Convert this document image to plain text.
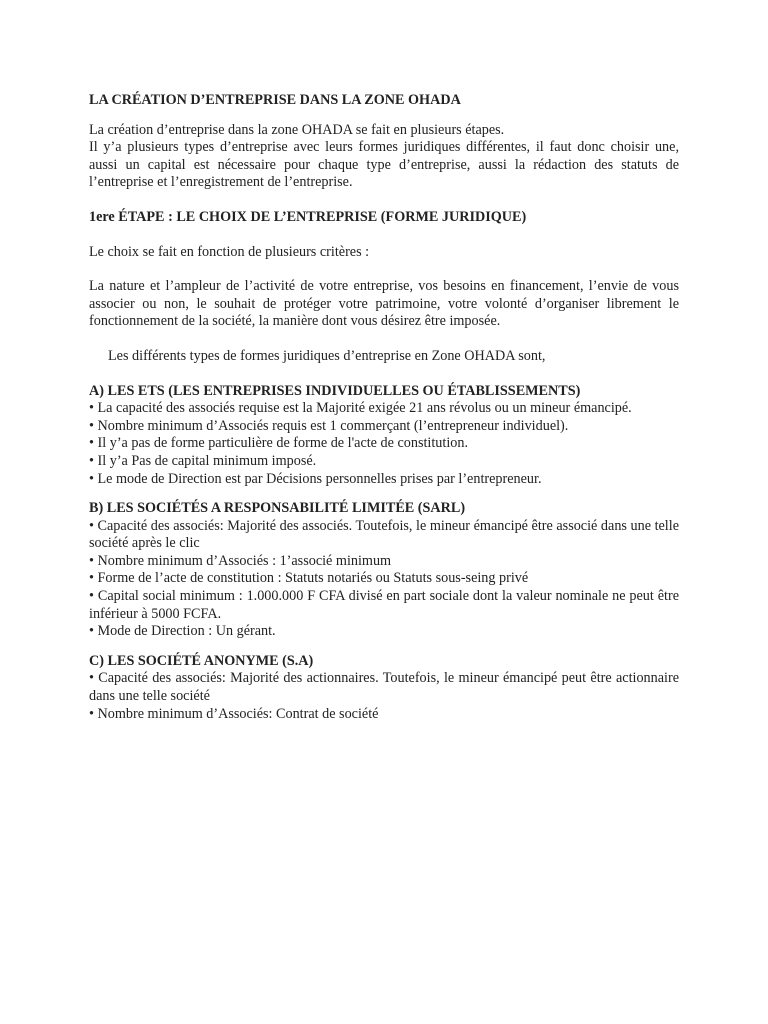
LA CRÉATION D’ENTREPRISE DANS LA ZONE OHADA

La création d’entreprise dans la zone OHADA se fait en plusieurs étapes.

Il y’a plusieurs types d’entreprise avec leurs formes juridiques différentes, il faut donc choisir une, aussi un capital est nécessaire pour chaque type d’entreprise, aussi la rédaction des statuts de l’entreprise et l’enregistrement de l’entreprise.

1ere ÉTAPE : LE CHOIX DE L’ENTREPRISE (FORME JURIDIQUE)

Le choix se fait en fonction de plusieurs critères :

La nature et l’ampleur de l’activité de votre entreprise, vos besoins en financement, l’envie de vous associer ou non, le souhait de protéger votre patrimoine, votre volonté d’organiser librement le fonctionnement de la société, la manière dont vous désirez être imposée.

Les différents types de formes juridiques d’entreprise en Zone OHADA sont,

A) LES ETS (LES ENTREPRISES INDIVIDUELLES OU ÉTABLISSEMENTS)

• La capacité des associés requise est la Majorité exigée 21 ans révolus ou un mineur émancipé.

• Nombre minimum d’Associés requis est 1 commerçant (l’entrepreneur individuel).

• Il y’a pas de forme particulière de forme de l'acte de constitution.

• Il y’a Pas de capital minimum imposé.

• Le mode de Direction est par Décisions personnelles prises par l’entrepreneur.

B) LES SOCIÉTÉS A RESPONSABILITÉ LIMITÉE (SARL)

• Capacité des associés: Majorité des associés. Toutefois, le mineur émancipé être associé dans une telle société après le clic

• Nombre minimum d’Associés : 1’associé minimum

• Forme de l’acte de constitution : Statuts notariés ou Statuts sous-seing privé

• Capital social minimum : 1.000.000 F CFA divisé en part sociale dont la valeur nominale ne peut être inférieur à 5000 FCFA.

• Mode de Direction : Un gérant.

C) LES SOCIÉTÉ ANONYME (S.A)

• Capacité des associés: Majorité des actionnaires. Toutefois, le mineur émancipé peut être actionnaire dans une telle société

• Nombre minimum d’Associés: Contrat de société
